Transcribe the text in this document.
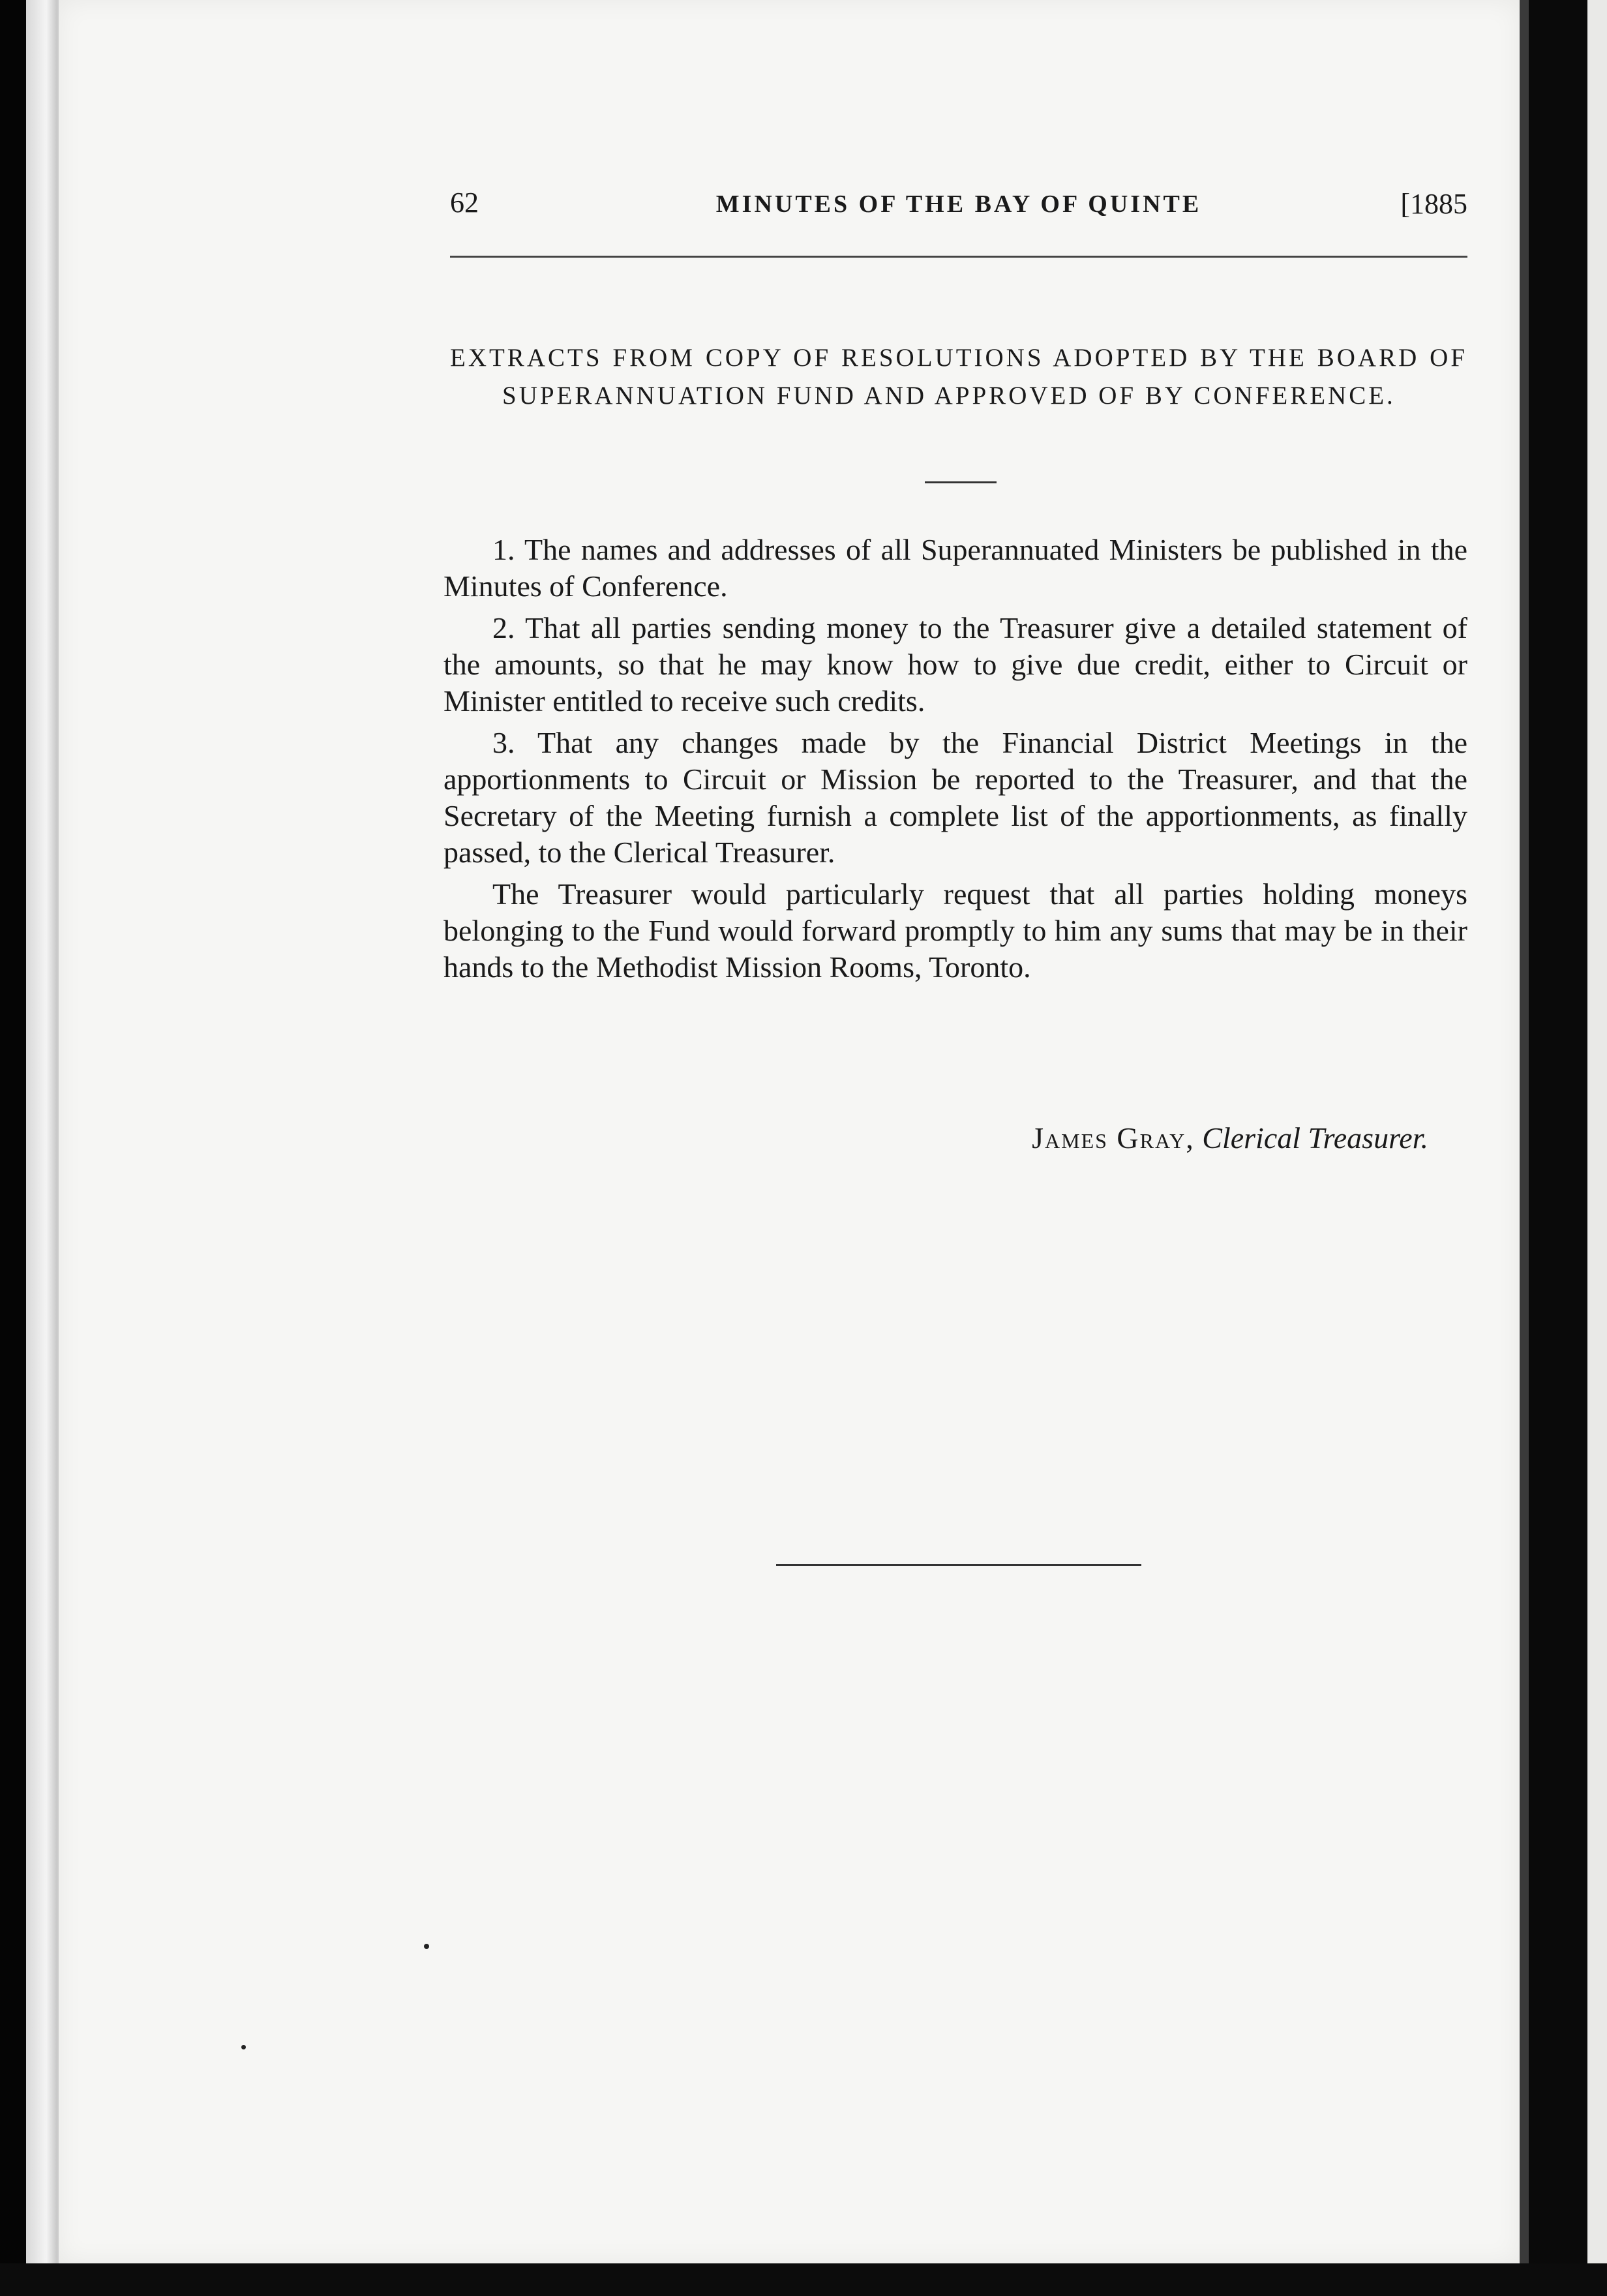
62	MINUTES OF THE BAY OF QUINTE	[1885
EXTRACTS FROM COPY OF RESOLUTIONS ADOPTED BY THE BOARD OF SUPERANNUATION FUND AND APPROVED OF BY CONFERENCE.

1. The names and addresses of all Superannuated Ministers be published in the Minutes of Conference.

2. That all parties sending money to the Treasurer give a detailed statement of the amounts, so that he may know how to give due credit, either to Circuit or Minister entitled to receive such credits.

3. That any changes made by the Financial District Meetings in the apportionments to Circuit or Mission be reported to the Treasurer, and that the Secretary of the Meeting furnish a complete list of the apportionments, as finally passed, to the Clerical Treasurer.

The Treasurer would particularly request that all parties holding moneys belonging to the Fund would forward promptly to him any sums that may be in their hands to the Methodist Mission Rooms, Toronto.

James Gray, Clerical Treasurer.
